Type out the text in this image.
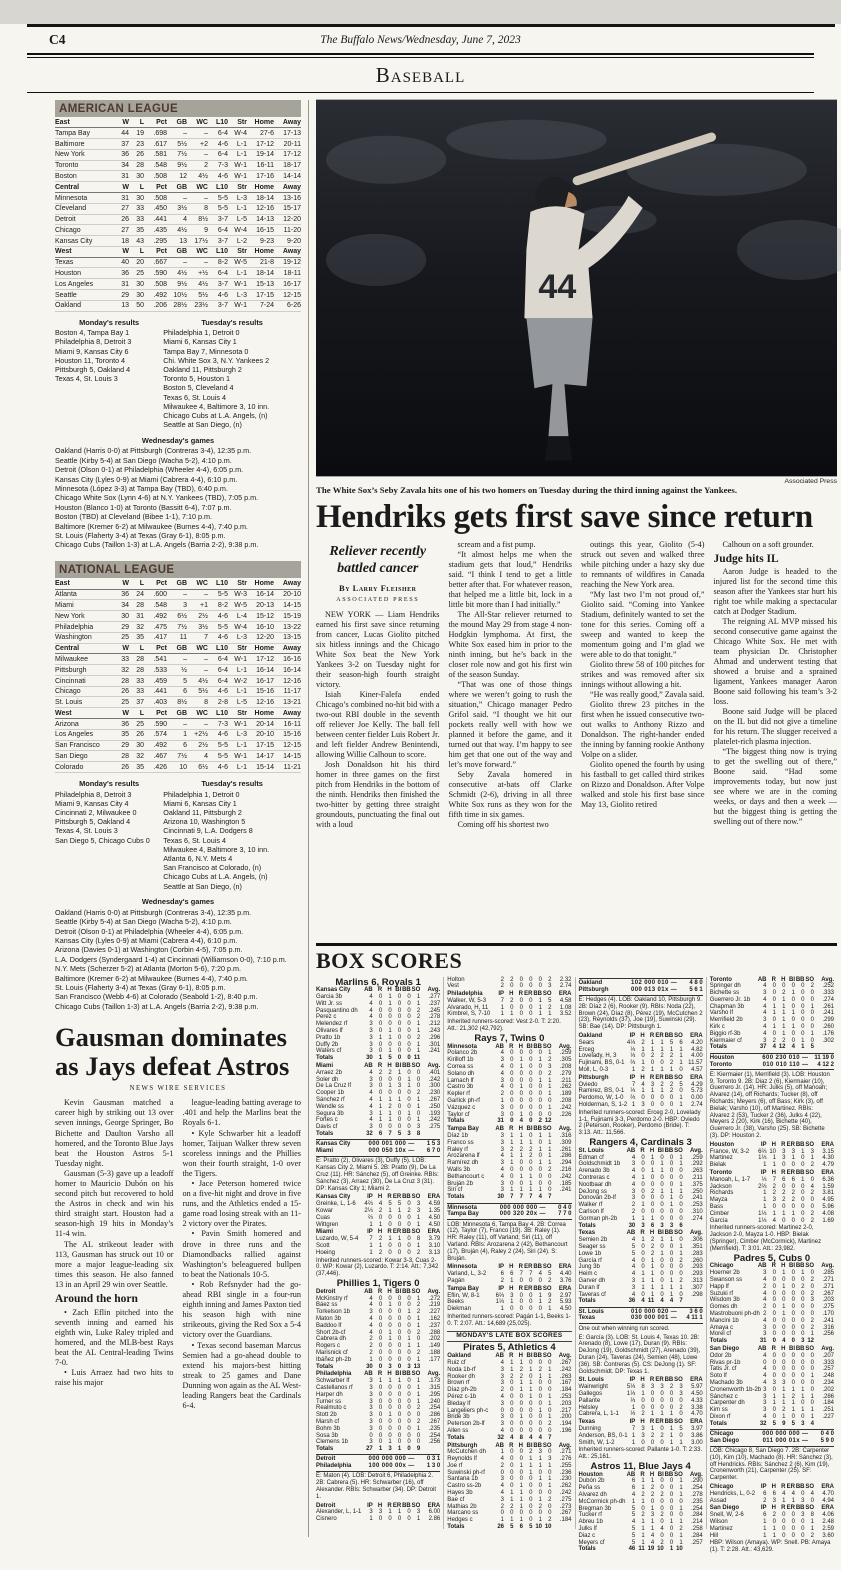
C4	The Buffalo News/Wednesday, June 7, 2023
Baseball
AMERICAN LEAGUE
East	W	L	Pct	GB	WC	L10	Str	Home	Away
Tampa Bay	44	19	.698	–	–	6-4 W-4	27-6	17-13
Baltimore	37	23	.617	5½	+2	4-6	L-1	17-12	20-11
New York	36	26	.581	7½	–	6-4	L-1	19-14	17-12
Toronto	34	28	.548	9½	2	7-3 W-1	16-11	18-17
Boston	31	30	.508	12	4½	4-6 W-1	17-16	14-14
Central	W	L	Pct	GB	WC	L10	Str	Home	Away
Minnesota	31	30	.508	–	–	5-5	L-3	18-14	13-16
Cleveland	27	33	.450	3½	8	5-5	L-1	12-16	15-17
Detroit	26	33	.441	4	8½	3-7	L-5	14-13	12-20
Chicago	27	35	.435	4½	9	6-4 W-4	16-15	11-20
Kansas City	18	43	.295	13	17½	3-7	L-2	9-23	9-20
West	W	L	Pct	GB	WC	L10	Str	Home	Away
Texas	40	20	.667	–	–	8-2 W-5	21-8	19-12
Houston	36	25	.590	4½	+½	6-4	L-1	18-14	18-11
Los Angeles	31	30	.508	9½	4½	3-7 W-1	15-13	16-17
Seattle	29	30	.492 10½	5½	4-6	L-3	17-15	12-15
Oakland	13	50	.206 28½	23½	3-7 W-1	7-24	6-26
Monday's results
Boston 4, Tampa Bay 1
Philadelphia 8, Detroit 3
Miami 9, Kansas City 6
Houston 11, Toronto 4
Pittsburgh 5, Oakland 4
Texas 4, St. Louis 3
Tuesday's results
Philadelphia 1, Detroit 0
Miami 6, Kansas City 1
Tampa Bay 7, Minnesota 0
Chi. White Sox 3, N.Y. Yankees 2
Oakland 11, Pittsburgh 2
Toronto 5, Houston 1
Boston 5, Cleveland 4
Texas 6, St. Louis 4
Milwaukee 4, Baltimore 3, 10 inn.
Chicago Cubs at L.A. Angels, (n)
Seattle at San Diego, (n)
Wednesday's games
Oakland (Harris 0-0) at Pittsburgh (Contreras 3-4), 12:35 p.m.
Seattle (Kirby 5-4) at San Diego (Wacha 5-2), 4:10 p.m.
Detroit (Olson 0-1) at Philadelphia (Wheeler 4-4), 6:05 p.m.
Kansas City (Lyles 0-9) at Miami (Cabrera 4-4), 6:10 p.m.
Minnesota (López 3-3) at Tampa Bay (TBD), 6:40 p.m.
Chicago White Sox (Lynn 4-6) at N.Y. Yankees (TBD), 7:05 p.m.
Houston (Blanco 1-0) at Toronto (Bassitt 6-4), 7:07 p.m.
Boston (TBD) at Cleveland (Bibee 1-1), 7:10 p.m.
Baltimore (Kremer 6-2) at Milwaukee (Burnes 4-4), 7:40 p.m.
St. Louis (Flaherty 3-4) at Texas (Gray 6-1), 8:05 p.m.
Chicago Cubs (Taillon 1-3) at L.A. Angels (Barria 2-2), 9:38 p.m.
NATIONAL LEAGUE
East	W	L	Pct	GB	WC	L10	Str	Home	Away
Atlanta	36	24	.600	–	–	5-5 W-3	16-14	20-10
Miami	34	28	.548	3	+1	8-2 W-5	20-13	14-15
New York	30	31	.492	6½	2½	4-6	L-4	15-12	15-19
Philadelphia	29	32	.475	7½	3½	5-5 W-4	16-10	13-22
Washington	25	35	.417	11	7	4-6	L-3	12-20	13-15
Central	W	L	Pct	GB	WC	L10	Str	Home	Away
Milwaukee	33	28	.541	–	–	6-4 W-1	17-12	16-16
Pittsburgh	32	28	.533	½	–	6-4	L-1	16-14	16-14
Cincinnati	28	33	.459	5	4½	6-4 W-2	16-17	12-16
Chicago	26	33	.441	6	5½	4-6	L-1	15-16	11-17
St. Louis	25	37	.403	8½	8	2-8	L-5	12-16	13-21
West	W	L	Pct	GB	WC	L10	Str	Home	Away
Arizona	36	25	.590	–	–	7-3 W-1	20-14	16-11
Los Angeles	35	26	.574	1	+2½	4-6	L-3	20-10	15-16
San Francisco	29	30	.492	6	2½	5-5	L-1	17-15	12-15
San Diego	28	32	.467	7½	4	5-5 W-1	14-17	14-15
Colorado	26	35	.426	10	6½	4-6	L-1	15-14	11-21
Monday's results
Philadelphia 8, Detroit 3
Miami 9, Kansas City 4
Cincinnati 2, Milwaukee 0
Pittsburgh 5, Oakland 4
Texas 4, St. Louis 3
San Diego 5, Chicago Cubs 0
Tuesday's results
Philadelphia 1, Detroit 0
Miami 6, Kansas City 1
Oakland 11, Pittsburgh 2
Arizona 10, Washington 5
Cincinnati 9, L.A. Dodgers 8
Texas 6, St. Louis 4
Milwaukee 4, Baltimore 3, 10 inn.
Atlanta 6, N.Y. Mets 4
San Francisco at Colorado, (n)
Chicago Cubs at L.A. Angels, (n)
Seattle at San Diego, (n)
Wednesday's games
Oakland (Harris 0-0) at Pittsburgh (Contreras 3-4), 12:35 p.m.
Seattle (Kirby 5-4) at San Diego (Wacha 5-2), 4:10 p.m.
Detroit (Olson 0-1) at Philadelphia (Wheeler 4-4), 6:05 p.m.
Kansas City (Lyles 0-9) at Miami (Cabrera 4-4), 6:10 p.m.
Arizona (Davies 0-1) at Washington (Corbin 4-5), 7:05 p.m.
L.A. Dodgers (Syndergaard 1-4) at Cincinnati (Williamson 0-0), 7:10 p.m.
N.Y. Mets (Scherzer 5-2) at Atlanta (Morton 5-6), 7:20 p.m.
Baltimore (Kremer 6-2) at Milwaukee (Burnes 4-4), 7:40 p.m.
St. Louis (Flaherty 3-4) at Texas (Gray 6-1), 8:05 p.m.
San Francisco (Webb 4-6) at Colorado (Seabold 1-2), 8:40 p.m.
Chicago Cubs (Taillon 1-3) at L.A. Angels (Barria 2-2), 9:38 p.m.
Gausman dominates as Jays defeat Astros
NEWS WIRE SERVICES

Kevin Gausman matched a career high by striking out 13 over seven innings, George Springer, Bo Bichette and Daulton Varsho all homered, and the Toronto Blue Jays beat the Houston Astros 5-1 Tuesday night.

Gausman (5-3) gave up a leadoff homer to Mauricio Dubón on his second pitch but recovered to hold the Astros in check and win his third straight start. Houston had a season-high 19 hits in Monday’s 11-4 win.

The AL strikeout leader with 113, Gausman has struck out 10 or more a major league-leading six times this season. He also fanned 13 in an April 29 win over Seattle.

Around the horn

• Zach Eflin pitched into the seventh inning and earned his eighth win, Luke Raley tripled and homered, and the MLB-best Rays beat the AL Central-leading Twins 7-0.

• Luis Arraez had two hits to raise his major

league-leading batting average to .401 and help the Marlins beat the Royals 6-1.

• Kyle Schwarber hit a leadoff homer, Taijuan Walker threw seven scoreless innings and the Phillies won their fourth straight, 1-0 over the Tigers.

• Jace Peterson homered twice on a five-hit night and drove in five runs, and the Athletics ended a 15-game road losing streak with an 11-2 victory over the Pirates.

• Pavin Smith homered and drove in three runs and the Diamondbacks rallied against Washington’s beleaguered bullpen to beat the Nationals 10-5.

• Rob Refsnyder had the go-ahead RBI single in a four-run eighth inning and James Paxton tied his season high with nine strikeouts, giving the Red Sox a 5-4 victory over the Guardians.

• Texas second baseman Marcus Semien had a go-ahead double to extend his majors-best hitting streak to 25 games and Dane Dunning won again as the AL West-leading Rangers beat the Cardinals 6-4.

44
Associated Press
The White Sox’s Seby Zavala hits one of his two homers on Tuesday during the third inning against the Yankees.
Hendriks gets first save since return
Reliever recently battled cancer
By Larry Fleisher
ASSOCIATED PRESS

NEW YORK — Liam Hendriks earned his first save since returning from cancer, Lucas Giolito pitched six hitless innings and the Chicago White Sox beat the New York Yankees 3-2 on Tuesday night for their season-high fourth straight victory.

Isiah Kiner-Falefa ended Chicago’s combined no-hit bid with a two-out RBI double in the seventh off reliever Joe Kelly. The ball fell between center fielder Luis Robert Jr. and left fielder Andrew Benintendi, allowing Willie Calhoun to score.

Josh Donaldson hit his third homer in three games on the first pitch from Hendriks in the bottom of the ninth. Hendriks then finished the two-hitter by getting three straight groundouts, punctuating the final out with a loud

scream and a fist pump.

“It almost helps me when the stadium gets that loud,” Hendriks said. “I think I tend to get a little better after that. For whatever reason, that helped me a little bit, lock in a little bit more than I had initially.”

The All-Star reliever returned to the mound May 29 from stage 4 non-Hodgkin lymphoma. At first, the White Sox eased him in prior to the ninth inning, but he’s back in the closer role now and got his first win of the season Sunday.

“That was one of those things where we weren’t going to rush the situation,” Chicago manager Pedro Grifol said. “I thought we hit our pockets really well with how we planned it before the game, and it turned out that way. I’m happy to see him get that one out of the way and let’s move forward.”

Seby Zavala homered in consecutive at-bats off Clarke Schmidt (2-6), driving in all three White Sox runs as they won for the fifth time in six games.

Coming off his shortest two

outings this year, Giolito (5-4) struck out seven and walked three while pitching under a hazy sky due to remnants of wildfires in Canada reaching the New York area.

“My last two I’m not proud of,” Giolito said. “Coming into Yankee Stadium, definitely wanted to set the tone for this series. Coming off a sweep and wanted to keep the momentum going and I’m glad we were able to do that tonight.”

Giolito threw 58 of 100 pitches for strikes and was removed after six innings without allowing a hit.

“He was really good,” Zavala said.

Giolito threw 23 pitches in the first when he issued consecutive two-out walks to Anthony Rizzo and Donaldson. The right-hander ended the inning by fanning rookie Anthony Volpe on a slider.

Giolito opened the fourth by using his fastball to get called third strikes on Rizzo and Donaldson. After Volpe walked and stole his first base since May 13, Giolito retired

Calhoun on a soft grounder.

Judge hits IL

Aaron Judge is headed to the injured list for the second time this season after the Yankees star hurt his right toe while making a spectacular catch at Dodger Stadium.

The reigning AL MVP missed his second consecutive game against the Chicago White Sox. He met with team physician Dr. Christopher Ahmad and underwent testing that showed a bruise and a sprained ligament, Yankees manager Aaron Boone said following his team’s 3-2 loss.

Boone said Judge will be placed on the IL but did not give a timeline for his return. The slugger received a platelet-rich plasma injection.

“The biggest thing now is trying to get the swelling out of there,” Boone said. “Had some improvements today, but now just see where we are in the coming weeks, or days and then a week — but the biggest thing is getting the swelling out of there now.”

BOX SCORES
Marlins 6, Royals 1
Kansas City	AB R H BI BB SO	Avg.
Garcia 3b	4	0	1	0	0	1	.277
Witt Jr. ss	4	0	1	0	0	1	.237
Pasquantino dh	4	0	0	0	0	2	.245
Perez c	4	0	0	0	0	2	.278
Melendez rf	3	0	0	0	0	1	.212
Olivares lf	3	0	1	0	0	1	.243
Pratto 1b	3	1	1	0	0	2	.296
Duffy 2b	3	0	0	0	0	1	.301
Waters cf	3	0	1	0	0	1	.241
Totals	30	1	5	0	0 11
Miami	AB R H BI BB SO	Avg.
Arraez 2b	4	2	2	1	0	0	.401
Soler dh	3	0	0	0	1	0	.242
De La Cruz lf	3	0	1	3	1	0	.300
Cooper 1b	4	0	0	0	0	2	.230
Sánchez rf	4	1	1	1	0	1	.267
Wendle ss	4	1	2	0	0	1	.250
Segura 3b	3	1	1	0	1	0	.193
Fortes c	4	1	1	0	0	1	.242
Davis cf	3	0	0	0	0	3	.275
Totals	32	6	7	5	3	8
Kansas City	000 001 000 —	1 5 3
Miami	000 050 10x —	6 7 0
E: Pratto (2), Olivares (3), Duffy (5). LOB: Kansas City 2, Miami 5. 2B: Pratto (9), De La Cruz (11). HR: Sánchez (5), off Greinke. RBIs: Sánchez (3), Arraez (30), De La Cruz 3 (31). DP: Kansas City 1; Miami 2.
Kansas City	IP H R ER BB SO	ERA
Greinke, L, 1-6	4⅔	4	5	5	0	3	4.59
Kowar	2⅓	2	1	1	2	3	1.35
Cuas	⅔	0	0	0	0	1	4.50
Wittgren	1	1	0	0	0	1	4.50
Miami	IP H R ER BB SO	ERA
Luzardo, W, 5-4	7	2	1	1	0	8	3.79
Scott	1	1	0	0	0	1	3.10
Hoeing	1	2	0	0	0	2	3.13
Inherited runners-scored: Kowar 3-3, Cuas 2-0. WP: Kowar (2), Luzardo. T: 2:14. Att.: 7,342 (37,446).
Phillies 1, Tigers 0
Detroit	AB R H BI BB SO	Avg.
McKinstry rf	4	0	0	0	0	1	.272
Báez ss	4	0	1	0	0	2	.219
Torkelson 1b	3	0	0	0	1	2	.227
Maton 3b	4	0	0	0	0	1	.162
Baddoo lf	4	0	0	0	0	1	.237
Short 2b-cf	4	0	1	0	0	2	.288
Cabrera dh	2	0	1	0	1	0	.202
Rogers c	2	0	0	0	1	1	.149
Marisnick cf	2	0	0	0	0	2	.188
Ibáñez ph-2b	1	0	0	0	0	1	.177
Totals	30	0	3	0	3 13
Philadelphia	AB R H BI BB SO	Avg.
Schwarber lf	3	1	1	1	0	1	.173
Castellanos rf	3	0	0	0	0	1	.315
Harper dh	3	0	0	0	0	1	.295
Turner ss	3	0	0	0	0	1	.240
Realmuto c	3	0	0	0	0	2	.254
Stott 2b	3	0	1	0	0	0	.286
Marsh cf	3	0	0	0	0	2	.267
Bohm 3b	3	0	0	0	0	1	.235
Sosa 3b	0	0	0	0	0	0	.254
Clemens 1b	3	0	1	0	0	0	.256
Totals	27	1	3	1	0	9
Detroit	000 000 000 —	0 3 1
Philadelphia	100 000 00x —	1 3 0
E: Maton (4). LOB: Detroit 6, Philadelphia 2. 2B: Cabrera (5). HR: Schwarber (16), off Alexander. RBIs: Schwarber (34). DP: Detroit 1.
Detroit	IP H R ER BB SO	ERA
Alexander, L, 1-1	3	3	1	1	0	3	6.00
Cisnero	1	0	0	0	0	1	2.86
Holton	2	2	0	0	0	2	2.32
Vest	2	0	0	0	0	3	2.74
Philadelphia	IP H R ER BB SO	ERA
Walker, W, 5-3	7	2	0	0	1	5	4.58
Alvarado, H, 11	1	0	0	0	1	2	1.08
Kimbrel, S, 7-10	1	1	0	0	1	1	3.52
Inherited runners-scored: Vest 2-0. T: 2:20. Att.: 21,302 (42,792).
Rays 7, Twins 0
Minnesota	AB R H BI BB SO	Avg.
Polanco 2b	4	0	0	0	0	1	.259
Kirilloff 1b	3	0	1	0	1	2	.305
Correa ss	4	0	1	0	0	3	.208
Solano dh	4	0	0	0	0	2	.279
Larnach lf	3	0	0	0	1	1	.211
Castro 3b	4	0	1	0	0	1	.262
Kepler rf	2	0	0	0	0	1	.189
Garlick ph-rf	1	0	0	0	0	0	.208
Vázquez c	3	0	0	0	0	1	.242
Taylor cf	3	0	1	0	0	0	.226
Totals	31	0	4	0	2 12
Tampa Bay	AB R H BI BB SO	Avg.
Díaz 1b	3	1	1	0	1	1	.316
Franco ss	3	1	1	1	0	1	.309
Raley rf	3	2	2	2	1	1	.261
Arozarena lf	4	1	1	2	0	1	.286
Ramírez dh	3	1	0	0	1	1	.294
Walls 3b	4	0	0	0	0	2	.216
Bethancourt c	4	0	1	1	0	0	.242
Bruján 2b	3	0	0	1	0	0	.185
Siri cf	3	1	1	1	1	0	.241
Totals	30	7	7	7	4	7
Minnesota	000 000 000 —	0 4 0
Tampa Bay	000 320 20x —	7 7 0
LOB: Minnesota 6, Tampa Bay 4. 2B: Correa (12), Taylor (7), Franco (19). 3B: Raley (1). HR: Raley (11), off Varland; Siri (11), off Varland. RBIs: Arozarena 2 (42), Bethancourt (17), Bruján (4), Raley 2 (24), Siri (24). S: Bruján.
Minnesota	IP H R ER BB SO	ERA
Varland, L, 3-2	6	6	7	7	4	5	4.40
Pagán	2	1	0	0	0	2	3.76
Tampa Bay	IP H R ER BB SO	ERA
Eflin, W, 8-1	6⅔	3	0	0	1	9	2.97
Beeks	1⅓	1	0	0	1	2	5.93
Diekman	1	0	0	0	0	1	4.50
Inherited runners-scored: Pagán 1-1, Beeks 1-0. T: 2:07. Att.: 14,689 (25,025).
MONDAY'S LATE BOX SCORES
Pirates 5, Athletics 4
Oakland	AB R H BI BB SO	Avg.
Ruiz cf	4	1	1	0	0	0	.267
Noda 1b-rf	3	1	2	1	2	1	.242
Rooker dh	3	2	2	0	1	1	.263
Brown rf	3	0	1	1	0	0	.167
Díaz ph-2b	2	0	1	1	0	0	.184
Pérez c-1b	4	0	0	1	0	1	.253
Bleday lf	3	0	0	0	0	1	.203
Langeliers ph-c	0	0	0	0	1	0	.217
Bride 3b	3	0	1	0	0	1	.200
Peterson 2b-lf	3	0	0	0	0	2	.194
Allen ss	4	0	0	0	0	0	.196
Totals	32	4	8	4	4	7
Pittsburgh	AB R H BI BB SO	Avg.
McCutchen dh	1	0	0	2	3	0	.271
Reynolds lf	4	0	0	1	1	3	.276
Joe rf	2	0	1	1	1	1	.255
Suwinski ph-rf	0	0	0	1	0	0	.236
Santana 1b	3	0	0	0	1	1	.230
Castro ss-2b	4	0	1	0	0	1	.262
Hayes 3b	4	1	1	0	0	0	.242
Bae cf	3	1	1	0	1	2	.275
Mathias 2b	2	2	1	0	2	0	.273
Marcano ss	0	0	0	0	0	0	.267
Hedges c	1	1	1	0	1	2	.184
Totals	26	5	6	5 10 10
Oakland	102 000 010 —	4 8 0
Pittsburgh	000 013 01x —	5 6 1
E: Hedges (4). LOB: Oakland 10, Pittsburgh 9. 2B: Díaz 2 (6), Rooker (9). RBIs: Noda (22), Brown (24), Díaz (8), Pérez (19), McCutchen 2 (23), Reynolds (37), Joe (19), Suwinski (29). SB: Bae (14). DP: Pittsburgh 1.
Oakland	IP H R ER BB SO	ERA
Sears	4⅓	2	1	1	5	6	4.20
Erceg	⅓	1	1	1	1	1	4.82
Lovelady, H, 3	⅓	0	2	2	2	1	4.00
Fujinami, BS, 0-1 ⅔	1	0	0	2	1 11.57
Moll, L, 0-3	1	2	1	1	1	0	4.57
Pittsburgh	IP H R ER BB SO	ERA
Oviedo	7	4	3	2	2	5	4.29
Ramirez, BS, 0-1	⅓	1	1	1	2	0	5.73
Perdomo, W, 1-0	⅔	0	0	0	0	1	0.00
Holderman, S, 1-2 1	3	0	0	0	1	2.74
Inherited runners-scored: Erceg 2-0, Lovelady 1-1, Fujinami 3-3, Perdomo 2-0. HBP: Oviedo 2 (Peterson, Rooker), Perdomo (Bride). T: 3:13. Att.: 11,566.
Rangers 4, Cardinals 3
St. Louis	AB R H BI BB SO	Avg.
Edman cf	4	0	1	0	0	1	.259
Goldschmidt 1b	3	0	0	1	0	1	.292
Arenado 3b	4	0	1	1	0	0	.263
Contreras c	4	1	0	0	0	0	.211
Nootbaar dh	4	0	0	0	0	1	.375
DeJong ss	3	0	2	1	1	1	.250
Donovan 2b-lf	3	0	0	0	1	0	.241
Walker rf	2	1	0	0	1	0	.253
Carlson lf	2	0	0	0	0	0	.310
Gorman ph-2b	1	1	1	0	0	0	.274
Totals	30	3	6	3	3	6
Texas	AB R H BI BB SO	Avg.
Semien 2b	4	1	2	1	1	0	.306
Seager ss	5	0	2	0	0	1	.351
Lowe 1b	5	0	2	1	0	1	.283
García rf	4	0	1	0	0	2	.260
Jung 3b	4	0	1	0	0	0	.293
Heim c	4	1	1	0	0	0	.293
Garver dh	3	1	1	0	1	2	.313
Duran lf	3	1	1	1	1	1	.307
Taveras cf	4	0	1	0	1	0	.298
Totals	36	4 11	4	4	7
St. Louis	010 000 020 —	3 6 0
Texas	030 000 001 —	4 11 1
One out when winning run scored.
E: García (3). LOB: St. Louis 4, Texas 10. 2B: Arenado (8), Lowe (17), Duran (9). RBIs: DeJong (19), Goldschmidt (27), Arenado (39), Duran (24), Taveras (24), Semien (48), Lowe (36). SB: Contreras (5). CS: DeJong (1). SF: Goldschmidt. DP: Texas 1.
St. Louis	IP H R ER BB SO	ERA
Wainwright	5⅓	8	3	3	2	3	5.97
Gallegos	1⅓	1	0	0	0	3	4.50
Pallante	⅓	0	0	0	0	0	4.33
Helsley	1	0	0	0	0	2	3.38
Cabrera, L, 1-1	⅓	2	1	1	1	0	4.70
Texas	IP H R ER BB SO	ERA
Dunning	7	3	1	0	1	5	3.97
Anderson, BS, 0-1 1	3	2	2	1	0	3.86
Smith, W, 1-2	1	0	0	0	1	1	3.00
Inherited runners-scored: Pallante 1-0. T: 2:33. Att.: 25,161.
Astros 11, Blue Jays 4
Houston	AB R H BI BB SO	Avg.
Dubón 2b	6	1	1	0	0	1	.290
Peña ss	6	1	2	0	0	1	.254
Alvarez dh	4	2	2	2	0	1	.278
McCormick ph-dh	1	1	0	0	0	0	.235
Bregman 3b	5	0	1	0	0	1	.254
Tucker rf	5	2	3	2	0	0	.284
Abreu 1b	4	1	1	0	1	1	.214
Julks lf	5	1	1	4	0	2	.258
Diaz c	5	1	4	0	0	1	.284
Meyers cf	5	1	4	2	0	1	.257
Totals	46 11 19 10	1 10
Toronto	AB R H BI BB SO	Avg.
Springer dh	4	0	0	0	0	2	.252
Bichette ss	3	0	2	1	0	0	.333
Guerrero Jr. 1b	4	0	1	0	0	0	.274
Chapman 3b	4	1	1	0	0	1	.261
Varsho lf	4	1	1	1	0	0	.241
Merrifield 2b	3	0	1	0	0	0	.299
Kirk c	4	1	1	1	0	0	.260
Biggio rf-3b	4	0	1	0	0	1	.176
Kiermaier cf	3	2	2	0	1	0	.302
Totals	37	4 12	4	1	5
Houston	600 230 010 —	11 19 0
Toronto	010 010 110 —	4 12 2
E: Kiermaier (1), Merrifield (3). LOB: Houston 9, Toronto 9. 2B: Diaz 2 (6), Kiermaier (10), Guerrero Jr. (14). HR: Julks (5), off Manoah; Alvarez (14), off Richards; Tucker (8), off Richards; Meyers (6), off Bass; Kirk (3), off Bielak; Varsho (10), off Martinez. RBIs: Alvarez 2 (53), Tucker 2 (36), Julks 4 (22), Meyers 2 (20), Kirk (16), Bichette (40), Guerrero Jr. (38), Varsho (25). SB: Bichette (3). DP: Houston 2.
Houston	IP H R ER BB SO	ERA
France, W, 3-2	6⅔ 10	3	3	1	3	3.15
Martinez	1⅓	1	3	1	0	1	4.30
Bielak	1	1	0	0	0	2	4.79
Toronto	IP H R ER BB SO	ERA
Manoah, L, 1-7	⅓	7	6	6	1	0	6.36
Jackson	2⅔	2	0	0	0	4	1.59
Richards	1	2	2	2	0	2	3.81
Mayza	1	3	2	2	0	0	4.95
Bass	1	0	0	0	0	0	5.96
Cimber	1⅓	1	1	1	0	2	4.08
García	1⅓	4	0	0	0	2	1.69
Inherited runners-scored: Martinez 2-0, Jackson 2-0, Mayza 1-0. HBP: Bielak (Springer), Cimber (McCormick), Martinez (Merrifield). T: 3:01. Att.: 23,982.
Padres 5, Cubs 0
Chicago	AB R H BI BB SO	Avg.
Hoerner 2b	3	0	1	0	1	0	.285
Swanson ss	4	0	0	0	0	2	.271
Happ lf	2	0	1	0	2	0	.271
Suzuki rf	4	0	0	0	0	2	.267
Wisdom 3b	4	0	0	0	0	3	.203
Gomes dh	2	0	1	0	0	0	.275
Mastrobuoni ph-dh 2	0	1	0	0	0	.170
Mancini 1b	4	0	0	0	0	2	.241
Amaya c	3	0	0	0	0	2	.316
Morel cf	3	0	0	0	0	1	.256
Totals	31	0	4	0	3 12
San Diego	AB R H BI BB SO	Avg.
Odor 2b	4	0	0	0	0	0	.207
Rivas pr-1b	0	0	0	0	0	0	.333
Tatis Jr. cf	4	0	0	0	0	0	.257
Soto lf	4	0	0	0	0	1	.248
Machado 3b	4	3	3	0	0	0	.234
Cronenworth 1b-2b 3	0	1	1	1	0	.202
Sánchez c	3	1	1	2	1	1	.286
Carpenter dh	3	1	1	1	0	0	.184
Kim ss	3	0	2	1	1	1	.251
Dixon rf	4	0	1	0	0	1	.227
Totals	32	5	9	5	3	4
Chicago	000 000 000 —	0 4 0
San Diego	011 000 01x —	5 9 0
LOB: Chicago 8, San Diego 7. 2B: Carpenter (10), Kim (10), Machado (8). HR: Sánchez (3), off Hendricks. RBIs: Sánchez 2 (6), Kim (19), Cronenworth (21), Carpenter (25). SF: Carpenter.
Chicago	IP H R ER BB SO	ERA
Hendricks, L, 0-2	6	6	4	4	0	4	4.70
Assad	2	3	1	1	3	0	4.94
San Diego	IP H R ER BB SO	ERA
Snell, W, 2-6	6	2	0	0	3	8	4.06
Wilson	1	0	0	0	0	1	2.48
Martinez	1	1	0	0	0	1	2.59
Hill	1	1	0	0	0	2	3.60
HBP: Wilson (Amaya). WP: Snell. PB: Amaya (1). T: 2:28. Att.: 43,629.
